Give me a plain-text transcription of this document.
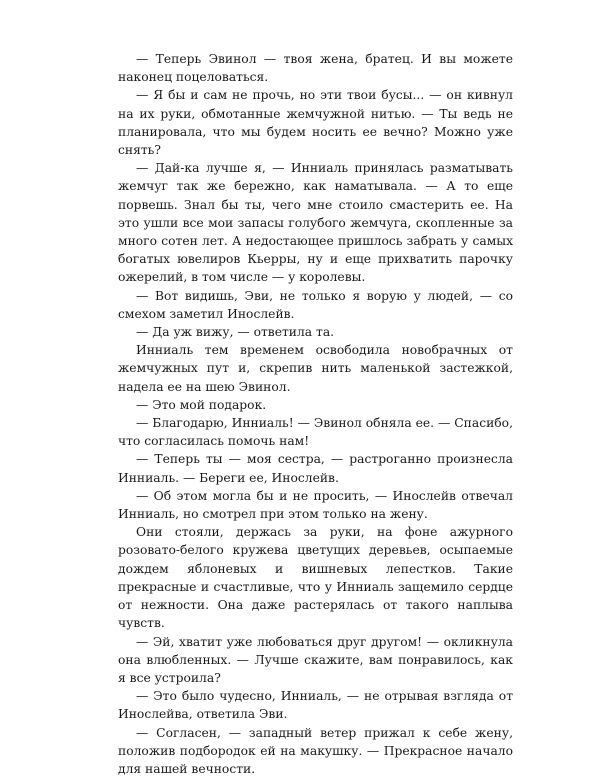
— Теперь Эвинол — твоя жена, братец. И вы можете наконец поцеловаться.

— Я бы и сам не прочь, но эти твои бусы... — он кивнул на их руки, обмотанные жемчужной нитью. — Ты ведь не планировала, что мы будем носить ее вечно? Можно уже снять?

— Дай-ка лучше я, — Инниаль принялась разматывать жемчуг так же бережно, как наматывала. — А то еще порвешь. Знал бы ты, чего мне стоило смастерить ее. На это ушли все мои запасы голубого жемчуга, скопленные за много сотен лет. А недостающее пришлось забрать у самых богатых ювелиров Кьерры, ну и еще прихватить парочку ожерелий, в том числе — у королевы.

— Вот видишь, Эви, не только я ворую у людей, — со смехом заметил Инослейв.

— Да уж вижу, — ответила та.

Инниаль тем временем освободила новобрачных от жемчужных пут и, скрепив нить маленькой застежкой, надела ее на шею Эвинол.

— Это мой подарок.

— Благодарю, Инниаль! — Эвинол обняла ее. — Спасибо, что согласилась помочь нам!

— Теперь ты — моя сестра, — растроганно произнесла Инниаль. — Береги ее, Инослейв.

— Об этом могла бы и не просить, — Инослейв отвечал Инниаль, но смотрел при этом только на жену.

Они стояли, держась за руки, на фоне ажурного розовато-белого кружева цветущих деревьев, осыпаемые дождем яблоневых и вишневых лепестков. Такие прекрасные и счастливые, что у Инниаль защемило сердце от нежности. Она даже растерялась от такого наплыва чувств.

— Эй, хватит уже любоваться друг другом! — окликнула она влюбленных. — Лучше скажите, вам понравилось, как я все устроила?

— Это было чудесно, Инниаль, — не отрывая взгляда от Инослейва, ответила Эви.

— Согласен, — западный ветер прижал к себе жену, положив подбородок ей на макушку. — Прекрасное начало для нашей вечности.
